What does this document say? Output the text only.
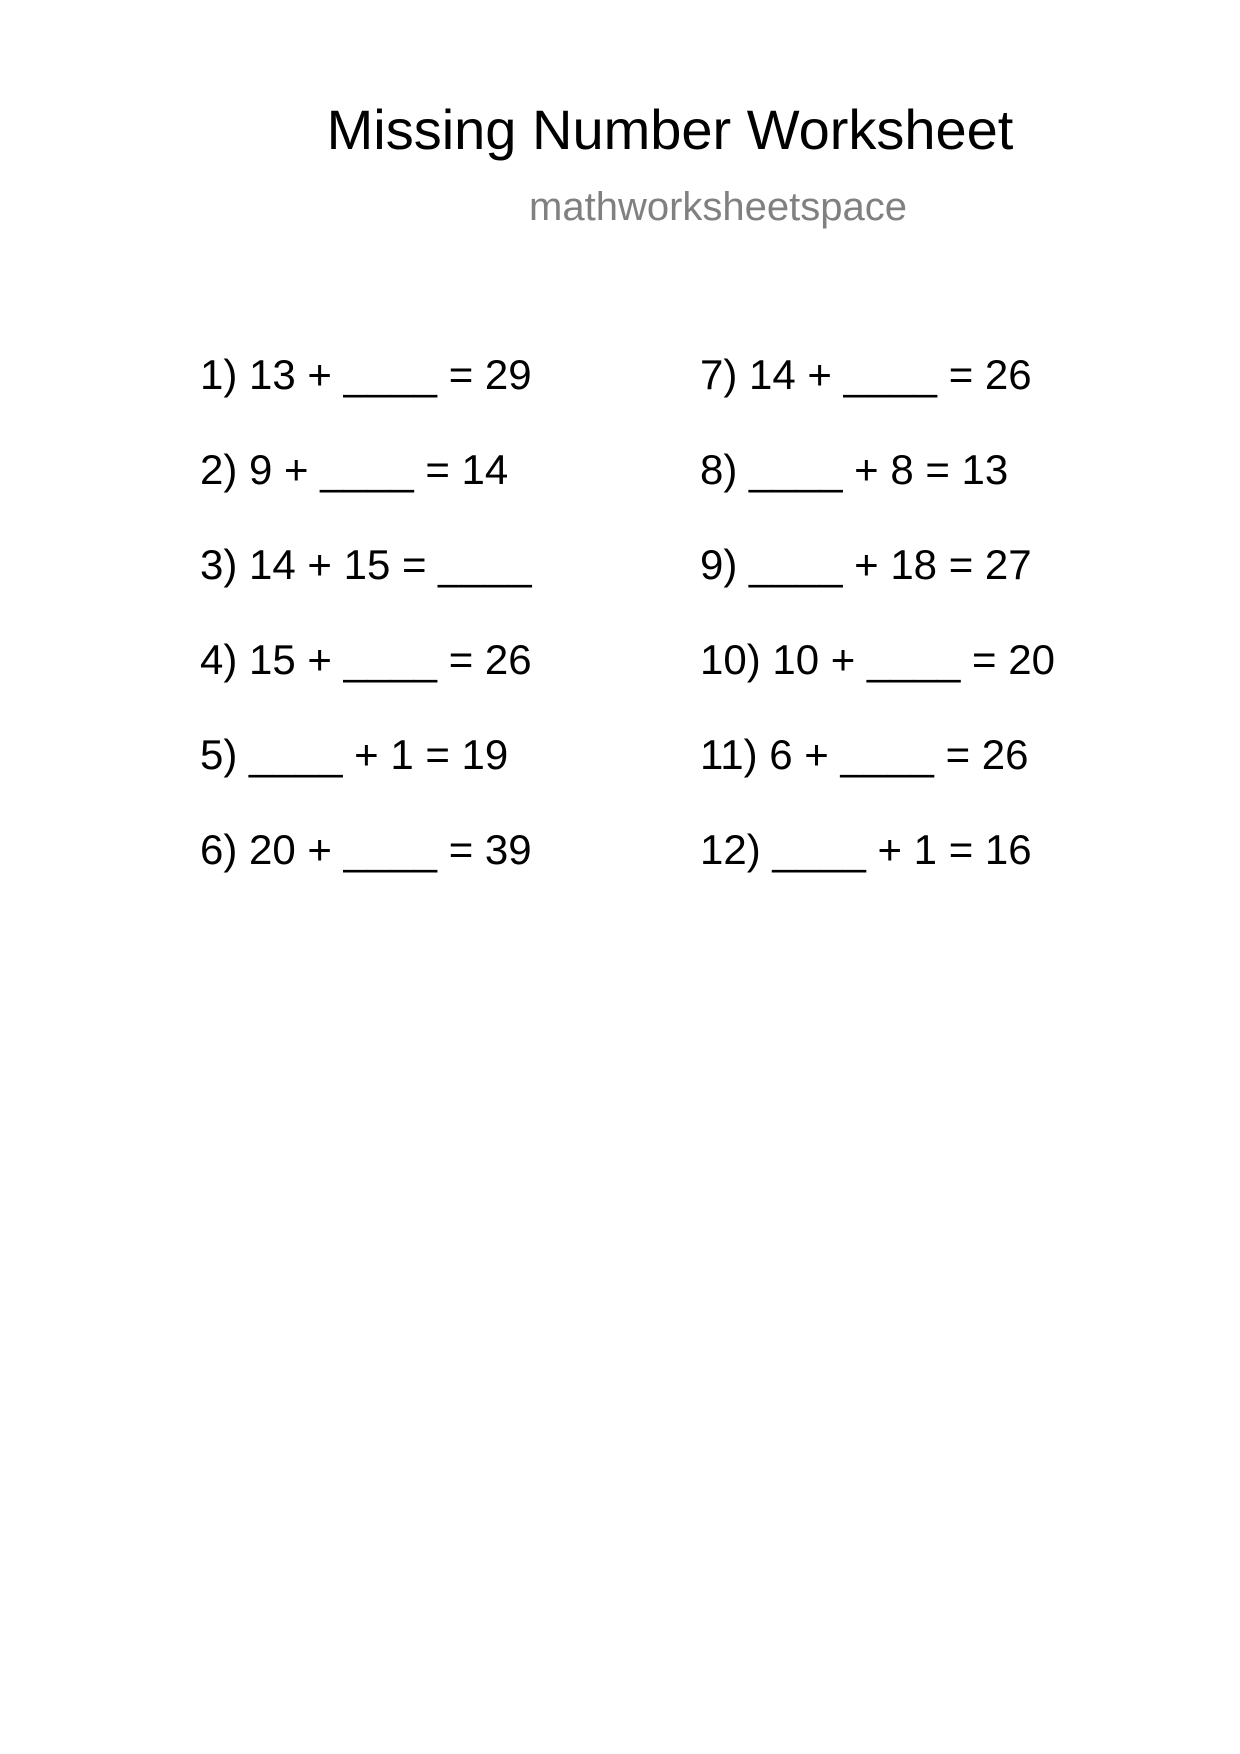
Missing Number Worksheet
mathworksheetspace
1) 13 + ____ = 29
2) 9 + ____ = 14
3) 14 + 15 = ____
4) 15 + ____ = 26
5) ____ + 1 = 19
6) 20 + ____ = 39
7) 14 + ____ = 26
8) ____ + 8 = 13
9) ____ + 18 = 27
10) 10 + ____ = 20
11) 6 + ____ = 26
12) ____ + 1 = 16
